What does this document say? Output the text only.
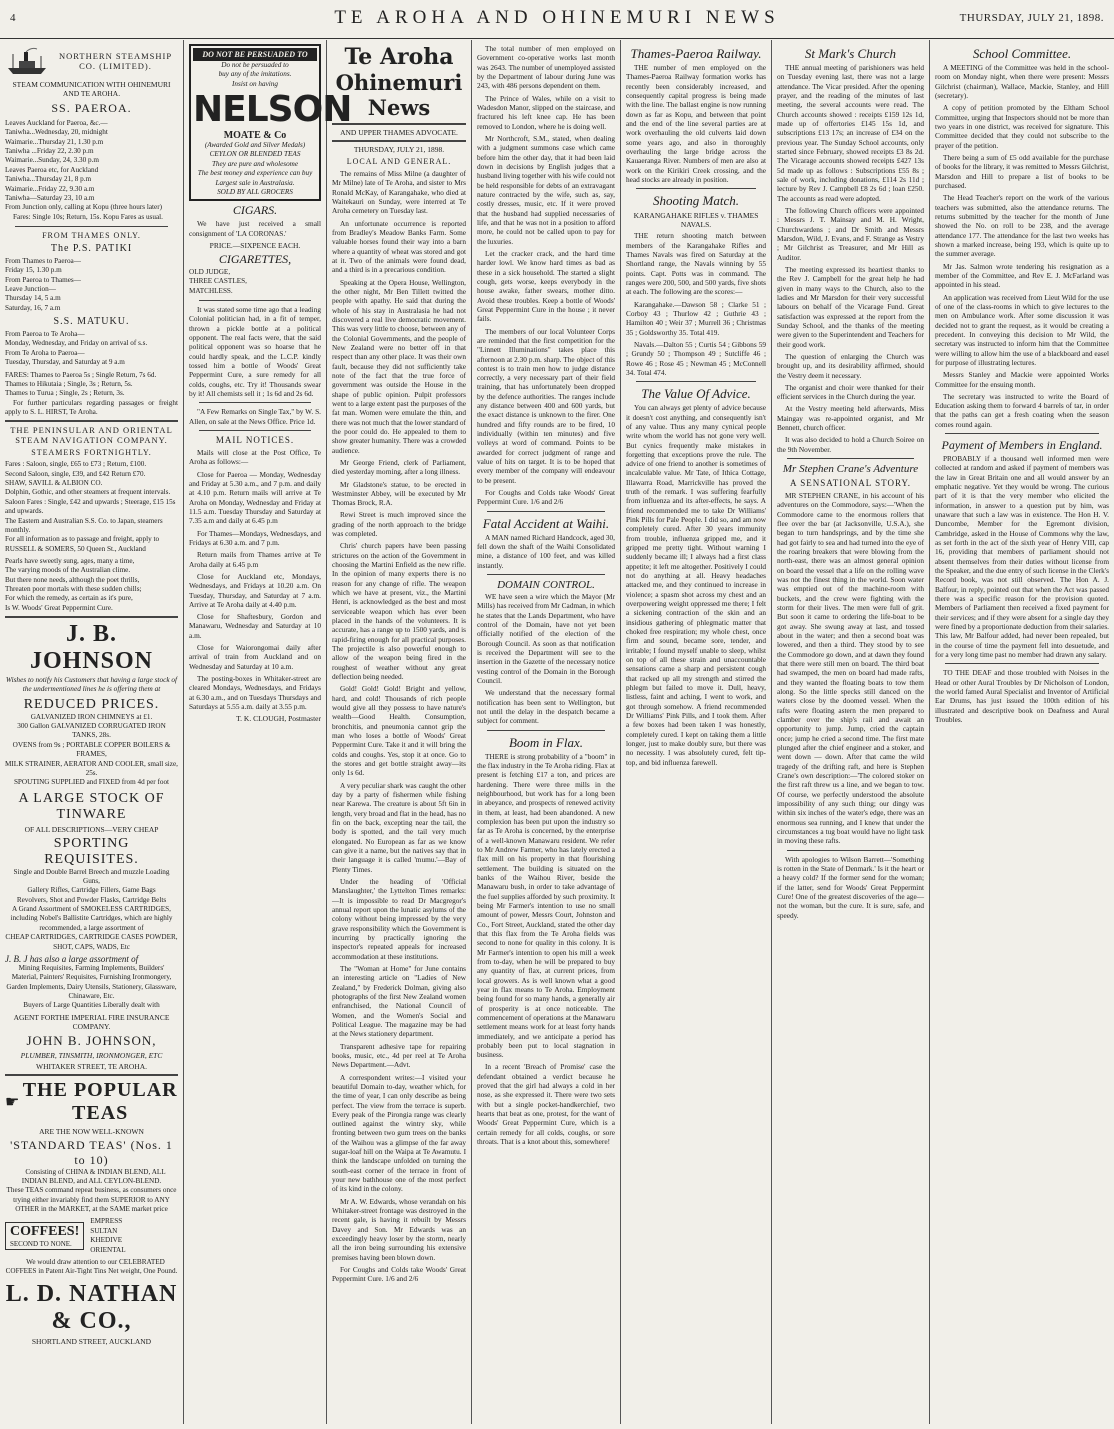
4	TE AROHA AND OHINEMURI NEWS	THURSDAY, JULY 21, 1898.
NORTHERN STEAMSHIP CO. (LIMITED).
STEAM COMMUNICATION WITH OHINEMURI AND TE AROHA.
SS. PAEROA.
Leaves Auckland for Paeroa, &c.—
Taniwha...Wednesday, 20, midnight
Waimarie...Thursday 21, 1.30 p.m
Taniwha ...Friday 22, 2.30 p.m
Waimarie...Sunday, 24, 3.30 p.m
Leaves Paeroa etc, for Auckland
Taniwha...Thursday 21, 8 p.m
Waimarie...Friday 22, 9.30 a.m
Taniwha—Saturday 23, 10 a.m
From Junction only, calling at Kopu (three hours later)

Fares: Single 10s; Return, 15s. Kopu Fares as usual.

FROM THAMES ONLY.
The P.S. PATIKI
From Thames to Paeroa—
Friday 15, 1.30 p.m
From Paeroa to Thames—
Leave Junction—
Thursday 14, 5 a.m
Saturday, 16, 7 a.m
S.S. MATUKU.
From Paeroa to Te Aroha—
Monday, Wednesday, and Friday on arrival of s.s.
From Te Aroha to Paeroa—
Tuesday, Thursday, and Saturday at 9 a.m
FARES: Thames to Paeroa 5s ; Single Return, 7s 6d.
Thames to Hikutaia ; Single, 3s ; Return, 5s.
Thames to Turua ; Single, 2s ; Return, 3s.

For further particulars regarding passages or freight apply to S. L. HIRST, Te Aroha.

THE PENINSULAR AND ORIENTAL STEAM NAVIGATION COMPANY.
STEAMERS FORTNIGHTLY.
Fares : Saloon, single, £65 to £73 ; Return, £100.
Second Saloon, single, £39, and £42 Return £70.
SHAW, SAVILL & ALBION CO.
Dolphin, Gothic, and other steamers at frequent intervals.
Saloon Fares : Single, £42 and upwards ; Steerage, £15 15s and upwards.
The Eastern and Australian S.S. Co. to Japan, steamers monthly.
For all information as to passage and freight, apply to
RUSSELL & SOMERS, 50 Queen St., Auckland
Pearls have sweetly sung, ages, many a time,
The varying moods of the Australian clime.
But there none needs, although the poet thrills,
Threaten poor mortals with these sudden chills;
For which the remedy, as certain as it's pure,
Is W. Woods' Great Peppermint Cure.
J. B. JOHNSON

Wishes to notify his Customers that having a large stock of the undermentioned lines he is offering them at

REDUCED PRICES.
GALVANIZED IRON CHIMNEYS at £1.
300 Gallon GALVANIZED CORRUGATED IRON TANKS, 28s.
OVENS from 9s ; PORTABLE COPPER BOILERS & FRAMES,
MILK STRAINER, AERATOR AND COOLER, small size, 25s.
SPOUTING SUPPLIED and FIXED from 4d per foot
A LARGE STOCK OF TINWARE
OF ALL DESCRIPTIONS—VERY CHEAP
SPORTING REQUISITES.
Single and Double Barrel Breech and muzzle Loading Guns,
Gallery Rifles, Cartridge Fillers, Game Bags
Revolvers, Shot and Powder Flasks, Cartridge Belts
A Grand Assortment of SMOKELESS CARTRIDGES, including Nobel's Ballistite Cartridges, which are highly recommended, a large assortment of
CHEAP CARTRIDGES, CARTRIDGE CASES POWDER, SHOT, CAPS, WADS, Etc
J. B. J has also a large assortment of
Mining Requisites, Farming Implements, Builders' Material, Painters' Requisites, Furnishing Ironmongery, Garden Implements, Dairy Utensils, Stationery, Glassware, Chinaware, Etc.
Buyers of Large Quantities Liberally dealt with
AGENT FORTHE IMPERIAL FIRE INSURANCE COMPANY.
JOHN B. JOHNSON,
PLUMBER, TINSMITH, IRONMONGER, ETC
WHITAKER STREET, TE AROHA.
☛
THE POPULAR TEAS
ARE THE NOW WELL-KNOWN
'STANDARD TEAS' (Nos. 1 to 10)

Consisting of CHINA & INDIAN BLEND, ALL INDIAN BLEND, and ALL CEYLON-BLEND.

These TEAS command repeat business, as consumers once trying either invariably find them SUPERIOR to ANY OTHER in the MARKET, at the SAME market price
COFFEES!
SECOND TO NONE.
EMPRESS
SULTAN
KHEDIVE
ORIENTAL

We would draw attention to our CELEBRATED COFFEES in Patent Air-Tight Tins Net weight, One Pound.

L. D. NATHAN & CO.,
SHORTLAND STREET, AUCKLAND
DO NOT BE PERSUADED TO
Do not be persuaded to
buy any of the imitations.
Insist on having
NELSON
MOATE & Co
(Awarded Gold and Silver Medals)
CEYLON OR BLENDED TEAS
They are pure and wholesome
The best money and experience can buy
Largest sale in Australasia.
SOLD BY ALL GROCERS
CIGARS.

We have just received a small consignment of 'LA CORONAS.'

PRICE.—SIXPENCE EACH.
CIGARETTES,
OLD JUDGE,
THREE CASTLES,
MATCHLESS.

It was stated some time ago that a leading Colonial politician had, in a fit of temper, thrown a pickle bottle at a political opponent. The real facts were, that the said political opponent was so hoarse that he could hardly speak, and the L.C.P. kindly tossed him a bottle of Woods' Great Peppermint Cure, a sure remedy for all colds, coughs, etc. Try it! Thousands swear by it! All chemists sell it ; 1s 6d and 2s 6d.

"A Few Remarks on Single Tax," by W. S. Allen, on sale at the News Office. Price 1d.

MAIL NOTICES.

Mails will close at the Post Office, Te Aroha as follows:—

Close for Paeroa — Monday, Wednesday and Friday at 5.30 a.m., and 7 p.m. and daily at 4.10 p.m. Return mails will arrive at Te Aroha on Monday, Wednesday and Friday at 11.5 a.m. Tuesday Thursday and Saturday at 7.35 a.m and daily at 6.45 p.m

For Thames—Mondays, Wednesdays, and Fridays at 6.30 a.m. and 7 p.m.

Return mails from Thames arrive at Te Aroha daily at 6.45 p.m

Close for Auckland etc, Mondays, Wednesdays, and Fridays at 10.20 a.m. On Tuesday, Thursday, and Saturday at 7 a.m. Arrive at Te Aroha daily at 4.40 p.m.

Close for Shaftesbury, Gordon and Manawaru, Wednesday and Saturday at 10 a.m.

Close for Waiorongomai daily after arrival of train from Auckland and on Wednesday and Saturday at 10 a.m.

The posting-boxes in Whitaker-street are cleared Mondays, Wednesdays, and Fridays at 6.30 a.m., and on Tuesdays Thursdays and Saturdays at 5.55 a.m. daily at 3.55 p.m.

T. K. CLOUGH, Postmaster
Te Aroha
Ohinemuri News
AND UPPER THAMES ADVOCATE.
THURSDAY, JULY 21, 1898.
LOCAL AND GENERAL.

The remains of Miss Milne (a daughter of Mr Milne) late of Te Aroha, and sister to Mrs Ronald McKay, of Karangahake, who died at Waitekauri on Sunday, were interred at Te Aroha cemetery on Tuesday last.

An unfortunate occurrence is reported from Bradley's Meadow Banks Farm. Some valuable horses found their way into a barn where a quantity of wheat was stored and got at it. Two of the animals were found dead, and a third is in a precarious condition.

Speaking at the Opera House, Wellington, the other night, Mr Ben Tillett twitted the people with apathy. He said that during the whole of his stay in Australasia he had not discovered a real live democratic movement. This was very little to choose, between any of the Colonial Governments, and the people of New Zealand were no better off in that respect than any other place. It was their own fault, because they did not sufficiently take note of the fact that the true force of government was outside the House in the shape of public opinion. Pulpit professors went to a large extent past the purposes of the fat man. Women were emulate the thin, and there was not much that the lower standard of the poor could do. He appealed to them to show greater humanity. There was a crowded audience.

Mr George Friend, clerk of Parliament, died yesterday morning, after a long illness.

Mr Gladstone's statue, to be erected in Westminster Abbey, will be executed by Mr Thomas Brock, R.A.

Rewi Street is much improved since the grading of the north approach to the bridge was completed.

Chris' church papers have been passing strictures on the action of the Government in choosing the Martini Enfield as the new rifle. In the opinion of many experts there is no reason for any change of rifle. The weapon which we have at present, viz., the Martini Henri, is acknowledged as the best and most serviceable weapon which has ever been placed in the hands of the volunteers. It is accurate, has a range up to 1500 yards, and is rapid-firing enough for all practical purposes. The projectile is also powerful enough to allow of the weapon being fired in the roughest of weather without any great deflection being needed.

Gold! Gold! Gold! Bright and yellow, hard, and cold! Thousands of rich people would give all they possess to have nature's wealth—Good Health. Consumption, bronchitis, and pneumonia cannot grip the man who loses a bottle of Woods' Great Peppermint Cure. Take it and it will bring the colds and coughs. Yes, stop it at once. Go to the stores and get bottle straight away—its only 1s 6d.

A very peculiar shark was caught the other day by a party of fishermen while fishing near Karewa. The creature is about 5ft 6in in length, very broad and flat in the head, has no fin on the back, excepting near the tail, the body is spotted, and the tail very much elongated. No European as far as we know can give it a name, but the natives say that in their language it is called 'mumu.'—Bay of Plenty Times.

Under the heading of 'Official Manslaughter,' the Lyttelton Times remarks:—It is impossible to read Dr Macgregor's annual report upon the lunatic asylums of the colony without being impressed by the very grave responsibility which the Government is incurring by practically ignoring the inspector's repeated appeals for increased accommodation at these institutions.

The "Woman at Home" for June contains an interesting article on "Ladies of New Zealand," by Frederick Dolman, giving also photographs of the first New Zealand women enfranchised, the National Council of Women, and the Women's Social and Political League. The magazine may be had at the News stationery department.

Transparent adhesive tape for repairing books, music, etc., 4d per reel at Te Aroha News Department.—Advt.

A correspondent writes:—I visited your beautiful Domain to-day, weather which, for the time of year, I can only describe as being perfect. The view from the terrace is superb. Every peak of the Pirongia range was clearly outlined against the wintry sky, while fronting between two gum trees on the banks of the Waihou was a glimpse of the far away sugar-loaf hill on the Waipa at Te Awamutu. I think the landscape unfolded on turning the south-east corner of the terrace in front of your new bathhouse one of the most perfect of its kind in the colony.

Mr A. W. Edwards, whose verandah on his Whitaker-street frontage was destroyed in the recent gale, is having it rebuilt by Messrs Davey and Son. Mr Edwards was an exceedingly heavy loser by the storm, nearly all the iron being surrounding his extensive premises having been blown down.

For Coughs and Colds take Woods' Great Peppermint Cure. 1/6 and 2/6

The total number of men employed on Government co-operative works last month was 2643. The number of unemployed assisted by the Department of labour during June was 243, with 486 persons dependent on them.

The Prince of Wales, while on a visit to Wadesdon Manor, slipped on the staircase, and fractured his left knee cap. He has been removed to London, where he is doing well.

Mr Northcroft, S.M., stated, when dealing with a judgment summons case which came before him the other day, that it had been laid down in decisions by English judges that a husband living together with his wife could not be held responsible for debts of an extravagant nature contracted by the wife, such as, say, costly dresses, music, etc. If it were proved that the husband had supplied necessaries of life, and that he was not in a position to afford more, he could not be called upon to pay for the luxuries.

Let the cracker crack, and the hard time harder lowl. We know hard times as bad as these in a sick household. The started a slight cough, gets worse, keeps everybody in the house awake, father swears, mother ditto. Avoid these troubles. Keep a bottle of Woods' Great Peppermint Cure in the house ; it never fails.

The members of our local Volunteer Corps are reminded that the first competition for the "Linnett Illuminations" takes place this afternoon at 2.30 p.m. sharp. The object of this contest is to train men how to judge distance correctly, a very necessary part of their field training, that has unfortunately been dropped by the defence authorities. The ranges include any distance between 400 and 600 yards, but the exact distance is unknown to the firer. One hundred and fifty rounds are to be fired, 10 individually (within ten minutes) and five volleys at word of command. Points to be awarded for correct judgment of range and value of hits on target. It is to be hoped that every member of the company will endeavour to be present.

For Coughs and Colds take Woods' Great Peppermint Cure. 1/6 and 2/6

Fatal Accident at Waihi.

A MAN named Richard Handcock, aged 30, fell down the shaft of the Waihi Consolidated mine, a distance of 100 feet, and was killed instantly.

DOMAIN CONTROL.

WE have seen a wire which the Mayor (Mr Mills) has received from Mr Cadman, in which he states that the Lands Department, who have control of the Domain, have not yet been officially notified of the election of the Borough Council. As soon as that notification is received the Department will see to the insertion in the Gazette of the necessary notice vesting control of the Domain in the Borough Council.

We understand that the necessary formal notification has been sent to Wellington, but not until the delay in the despatch became a subject for comment.

Boom in Flax.

THERE is strong probability of a "boom" in the flax industry in the Te Aroha riding. Flax at present is fetching £17 a ton, and prices are hardening. There were three mills in the neighbourhood, but work has for a long been in abeyance, and prospects of renewed activity in them, at least, had been abandoned. A new complexion has been put upon the industry so far as Te Aroha is concerned, by the enterprise of a well-known Manawaru resident. We refer to Mr Andrew Farmer, who has lately erected a flax mill on his property in that flourishing settlement. The building is situated on the banks of the Waihou River, beside the Manawaru bush, in order to take advantage of the fuel supplies afforded by such proximity. It being Mr Farmer's intention to use no small amount of power, Messrs Court, Johnston and Co., Fort Street, Auckland, stated the other day that this flax from the Te Aroha fields was second to none for quality in this colony. It is Mr Farmer's intention to open his mill a week from to-day, when he will be prepared to buy any quantity of flax, at current prices, from local growers. As is well known what a good year in flax means to Te Aroha. Employment being found for so many hands, a generally air of prosperity is at once noticeable. The commencement of operations at the Manawaru settlement means work for at least forty hands immediately, and we anticipate a period has probably been put to local stagnation in business.

In a recent 'Breach of Promise' case the defendant obtained a verdict because he proved that the girl had always a cold in her nose, as she expressed it. There were two sets with but a single pocket-handkerchief, two hearts that beat as one, protest, for the want of Woods' Great Peppermint Cure, which is a certain remedy for all colds, coughs, or sore throats. That is a knot about this, somewhere!

Thames-Paeroa Railway.

THE number of men employed on the Thames-Paeroa Railway formation works has recently been considerably increased, and consequently capital progress is being made with the line. The ballast engine is now running down as far as Kopu, and between that point and the end of the line several parties are at work overhauling the old culverts laid down some years ago, and also in thoroughly overhauling the large bridge across the Kauaeranga River. Numbers of men are also at work on the Kirikiri Creek crossing, and the head stocks are already in position.

Shooting Match.
KARANGAHAKE RIFLES v. THAMES NAVALS.

THE return shooting match between members of the Karangahake Rifles and Thames Navals was fired on Saturday at the Shortland range, the Navals winning by 55 points. Capt. Potts was in command. The ranges were 200, 500, and 500 yards, five shots at each. The following are the scores:—

Karangahake.—Dawson 58 ; Clarke 51 ; Corboy 43 ; Thurlow 42 ; Guthrie 43 ; Hamilton 40 ; Weir 37 ; Murrell 36 ; Christmas 35 ; Goldsworthy 35. Total 419.

Navals.—Dalton 55 ; Curtis 54 ; Gibbons 59 ; Grundy 50 ; Thompson 49 ; Sutcliffe 46 ; Rowe 46 ; Rose 45 ; Newman 45 ; McConnell 34. Total 474.

The Value Of Advice.

You can always get plenty of advice because it doesn't cost anything, and consequently isn't of any value. Thus any many cynical people write whom the world has not gone very well. But cynics frequently make mistakes in forgetting that exceptions prove the rule. The advice of one friend to another is sometimes of incalculable value. Mr Tate, of Ithica Cottage, Illawarra Road, Marrickville has proved the truth of the remark. I was suffering fearfully from influenza and its after-effects, he says. A friend recommended me to take Dr Williams' Pink Pills for Pale People. I did so, and am now completely cured. After 30 years immunity from trouble, influenza gripped me, and it gripped me pretty tight. Without warning I suddenly became ill; I always had a first class appetite; it left me altogether. Positively I could not do anything at all. Heavy headaches attacked me, and they continued to increase in violence; a spasm shot across my chest and an overpowering weight oppressed me there; I felt a sickening contraction of the skin and an insidious gathering of phlegmatic matter that choked free respiration; my whole chest, once firm and sound, became sore, tender, and irritable; I found myself unable to sleep, whilst on top of all these strain and unaccountable sensations came a sharp and persistent cough that racked up all my strength and stirred the phlegm but failed to move it. Dull, heavy, listless, faint and aching, I went to work, and got through somehow. A friend recommended Dr Williams' Pink Pills, and I took them. After a few boxes had been taken I was honestly, completely cured. I kept on taking them a little longer, just to make doubly sure, but there was no necessity. I was absolutely cured, felt tip-top, and bid influenza farewell.

St Mark's Church

THE annual meeting of parishioners was held on Tuesday evening last, there was not a large attendance. The Vicar presided. After the opening prayer, and the reading of the minutes of last meeting, the several accounts were read. The Church accounts showed : receipts £159 12s 1d, made up of offertories £145 15s 1d, and subscriptions £13 17s; an increase of £34 on the previous year. The Sunday School accounts, only started since February, showed receipts £3 8s 2d. The Vicarage accounts showed receipts £427 13s 5d made up as follows : Subscriptions £55 8s ; sale of work, including donations, £114 2s 11d ; lecture by Rev J. Campbell £8 2s 6d ; loan £250. The accounts as read were adopted.

The following Church officers were appointed : Messrs J. T. Mainsay and M. H. Wright, Churchwardens ; and Dr Smith and Messrs Marsdon, Wild, J. Evans, and F. Strange as Vestry ; Mr Gilchrist as Treasurer, and Mr Hill as Auditor.

The meeting expressed its heartiest thanks to the Rev J. Campbell for the great help he had given in many ways to the Church, also to the ladies and Mr Marsdon for their very successful labours on behalf of the Vicarage Fund. Great satisfaction was expressed at the report from the Sunday School, and the thanks of the meeting were given to the Superintendent and Teachers for their good work.

The question of enlarging the Church was brought up, and its desirability affirmed, should the Vestry deem it necessary.

The organist and choir were thanked for their efficient services in the Church during the year.

At the Vestry meeting held afterwards, Miss Maingay was re-appointed organist, and Mr Bennett, church officer.

It was also decided to hold a Church Soiree on the 9th November.

Mr Stephen Crane's Adventure
A SENSATIONAL STORY.

MR STEPHEN CRANE, in his account of his adventures on the Commodore, says:—'When the Commodore came to the enormous rollers that flee over the bar (at Jacksonville, U.S.A.), she began to turn handsprings, and by the time she had got fairly to sea and had turned into the eye of the roaring breakers that were blowing from the north-east, there was an almost general opinion on board the vessel that a life on the rolling wave was not the finest thing in the world. Soon water was emptied out of the machine-room with buckets, and the crew were fighting with the storm for their lives. The men were full of grit. But soon it came to ordering the life-boat to be got away. She swung away at last, and tossed about in the water; and then a second boat was lowered, and then a third. They stood by to see the Commodore go down, and at dawn they found that there were still men on board. The third boat had swamped, the men on board had made rafts, and they wanted the floating boats to tow them along. So the little specks still danced on the waters close by the doomed vessel. When the rafts were floating astern the men prepared to clamber over the ship's rail and await an opportunity to jump. Jump, cried the captain once; jump he cried a second time. The first mate plunged after the chief engineer and a stoker, and went down — down. After that came the wild tragedy of the drifting raft, and here is Stephen Crane's own description:—'The colored stoker on the first raft threw us a line, and we began to tow. Of course, we perfectly understood the absolute impossibility of any such thing; our dingy was within six inches of the water's edge, there was an enormous sea running, and I knew that under the circumstances a tug boat would have no light task in moving these rafts.

With apologies to Wilson Barrett—'Something is rotten in the State of Denmark.' Is it the heart or a heavy cold? If the former send for the woman; if the latter, send for Woods' Great Peppermint Cure! One of the greatest discoveries of the age—not the woman, but the cure. It is sure, safe, and speedy.

School Committee.

A MEETING of the Committee was held in the school-room on Monday night, when there were present: Messrs Gilchrist (chairman), Wallace, Mackie, Stanley, and Hill (secretary).

A copy of petition promoted by the Eltham School Committee, urging that Inspectors should not be more than two years in one district, was received for signature. This Committee decided that they could not subscribe to the prayer of the petition.

There being a sum of £5 odd available for the purchase of books for the library, it was remitted to Messrs Gilchrist, Marsdon and Hill to prepare a list of books to be purchased.

The Head Teacher's report on the work of the various teachers was submitted, also the attendance returns. The returns submitted by the teacher for the month of June showed the No. on roll to be 238, and the average attendance 177. The attendance for the last two weeks has shown a marked increase, being 193, which is quite up to the summer average.

Mr Jas. Salmon wrote tendering his resignation as a member of the Committee, and Rev E. J. McFarland was appointed in his stead.

An application was received from Lieut Wild for the use of one of the class-rooms in which to give lectures to the men on Ambulance work. After some discussion it was decided not to grant the request, as it would be creating a precedent. In conveying this decision to Mr Wild, the secretary was instructed to inform him that the Committee were willing to allow him the use of a blackboard and easel for purpose of illustrating lectures.

Messrs Stanley and Mackie were appointed Works Committee for the ensuing month.

The secretary was instructed to write the Board of Education asking them to forward 4 barrels of tar, in order that the paths can get a fresh coating when the season comes round again.

Payment of Members in England.

PROBABLY if a thousand well informed men were collected at random and asked if payment of members was the law in Great Britain one and all would answer by an emphatic negative. Yet they would be wrong. The curious part of it is that the very member who elicited the information, in answer to a question put by him, was unaware that such a law was in existence. The Hon H. V. Duncombe, Member for the Egremont division, Cambridge, asked in the House of Commons why the law, as set forth in the act of the sixth year of Henry VIII, cap 16, providing that members of parliament should not absent themselves from their duties without license from the Speaker, and the due entry of such license in the Clerk's Record book, was not still observed. The Hon A. J. Balfour, in reply, pointed out that when the Act was passed there was a specific reason for the provision quoted. Members of Parliament then received a fixed payment for their services; and if they were absent for a single day they were fined by a proportionate deduction from their salaries. This law, Mr Balfour added, had never been repealed, but in the course of time the payment fell into desuetude, and for a very long time past no member had drawn any salary.

TO THE DEAF and those troubled with Noises in the Head or other Aural Troubles by Dr Nicholson of London, the world famed Aural Specialist and Inventor of Artificial Ear Drums, has just issued the 100th edition of his illustrated and descriptive book on Deafness and Aural Troubles.
